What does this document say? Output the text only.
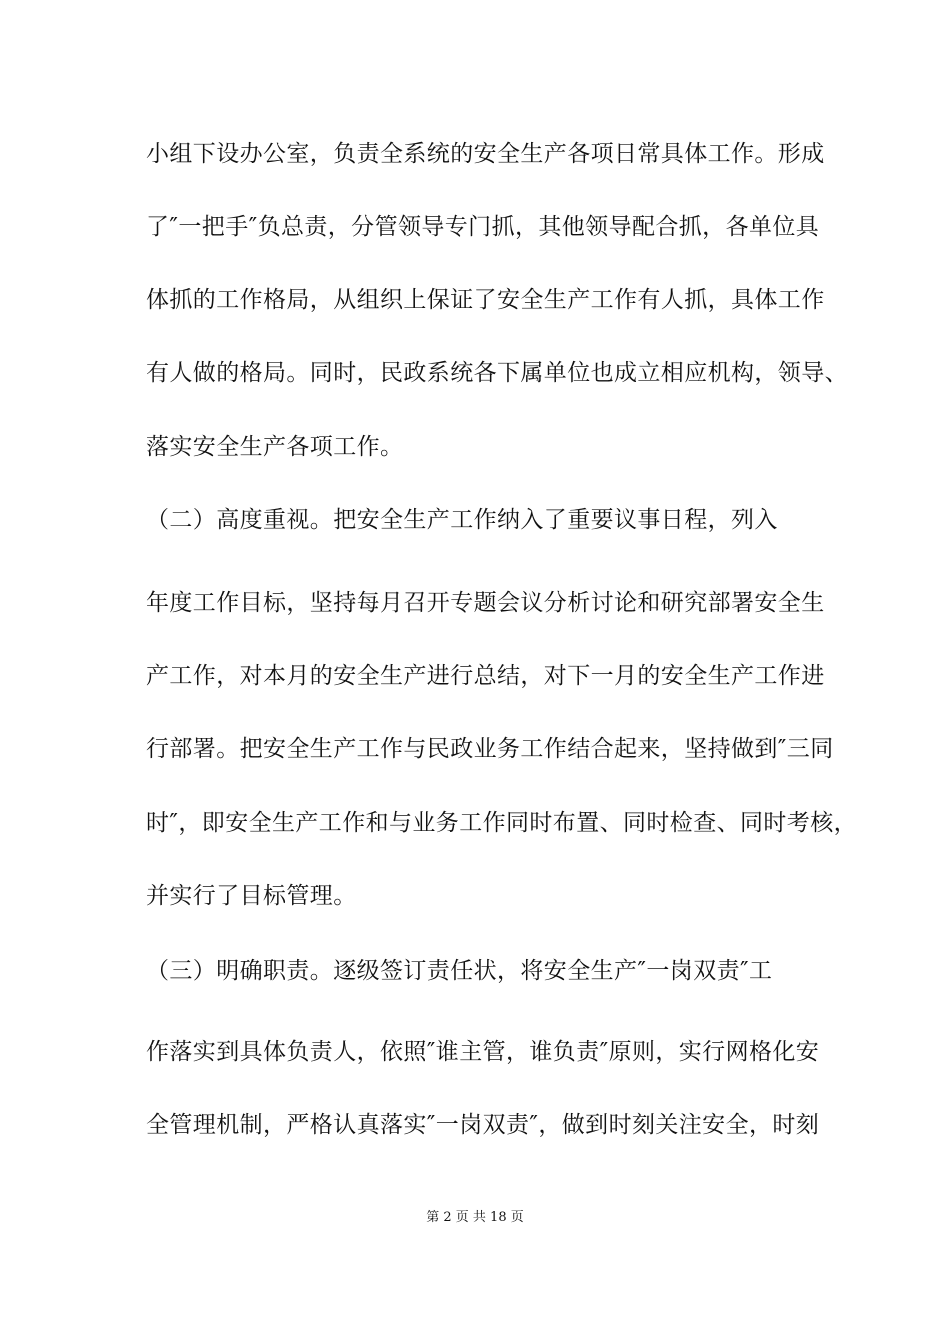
小组下设办公室，负责全系统的安全生产各项日常具体工作。形成
了″一把手″负总责，分管领导专门抓，其他领导配合抓，各单位具
体抓的工作格局，从组织上保证了安全生产工作有人抓，具体工作
有人做的格局。同时，民政系统各下属单位也成立相应机构，领导、
落实安全生产各项工作。
（二）高度重视。把安全生产工作纳入了重要议事日程，列入
年度工作目标，坚持每月召开专题会议分析讨论和研究部署安全生
产工作，对本月的安全生产进行总结，对下一月的安全生产工作进
行部署。把安全生产工作与民政业务工作结合起来，坚持做到″三同
时″，即安全生产工作和与业务工作同时布置、同时检查、同时考核，
并实行了目标管理。
（三）明确职责。逐级签订责任状，将安全生产″一岗双责″工
作落实到具体负责人，依照″谁主管，谁负责″原则，实行网格化安
全管理机制，严格认真落实″一岗双责″，做到时刻关注安全，时刻
第 2 页 共 18 页
